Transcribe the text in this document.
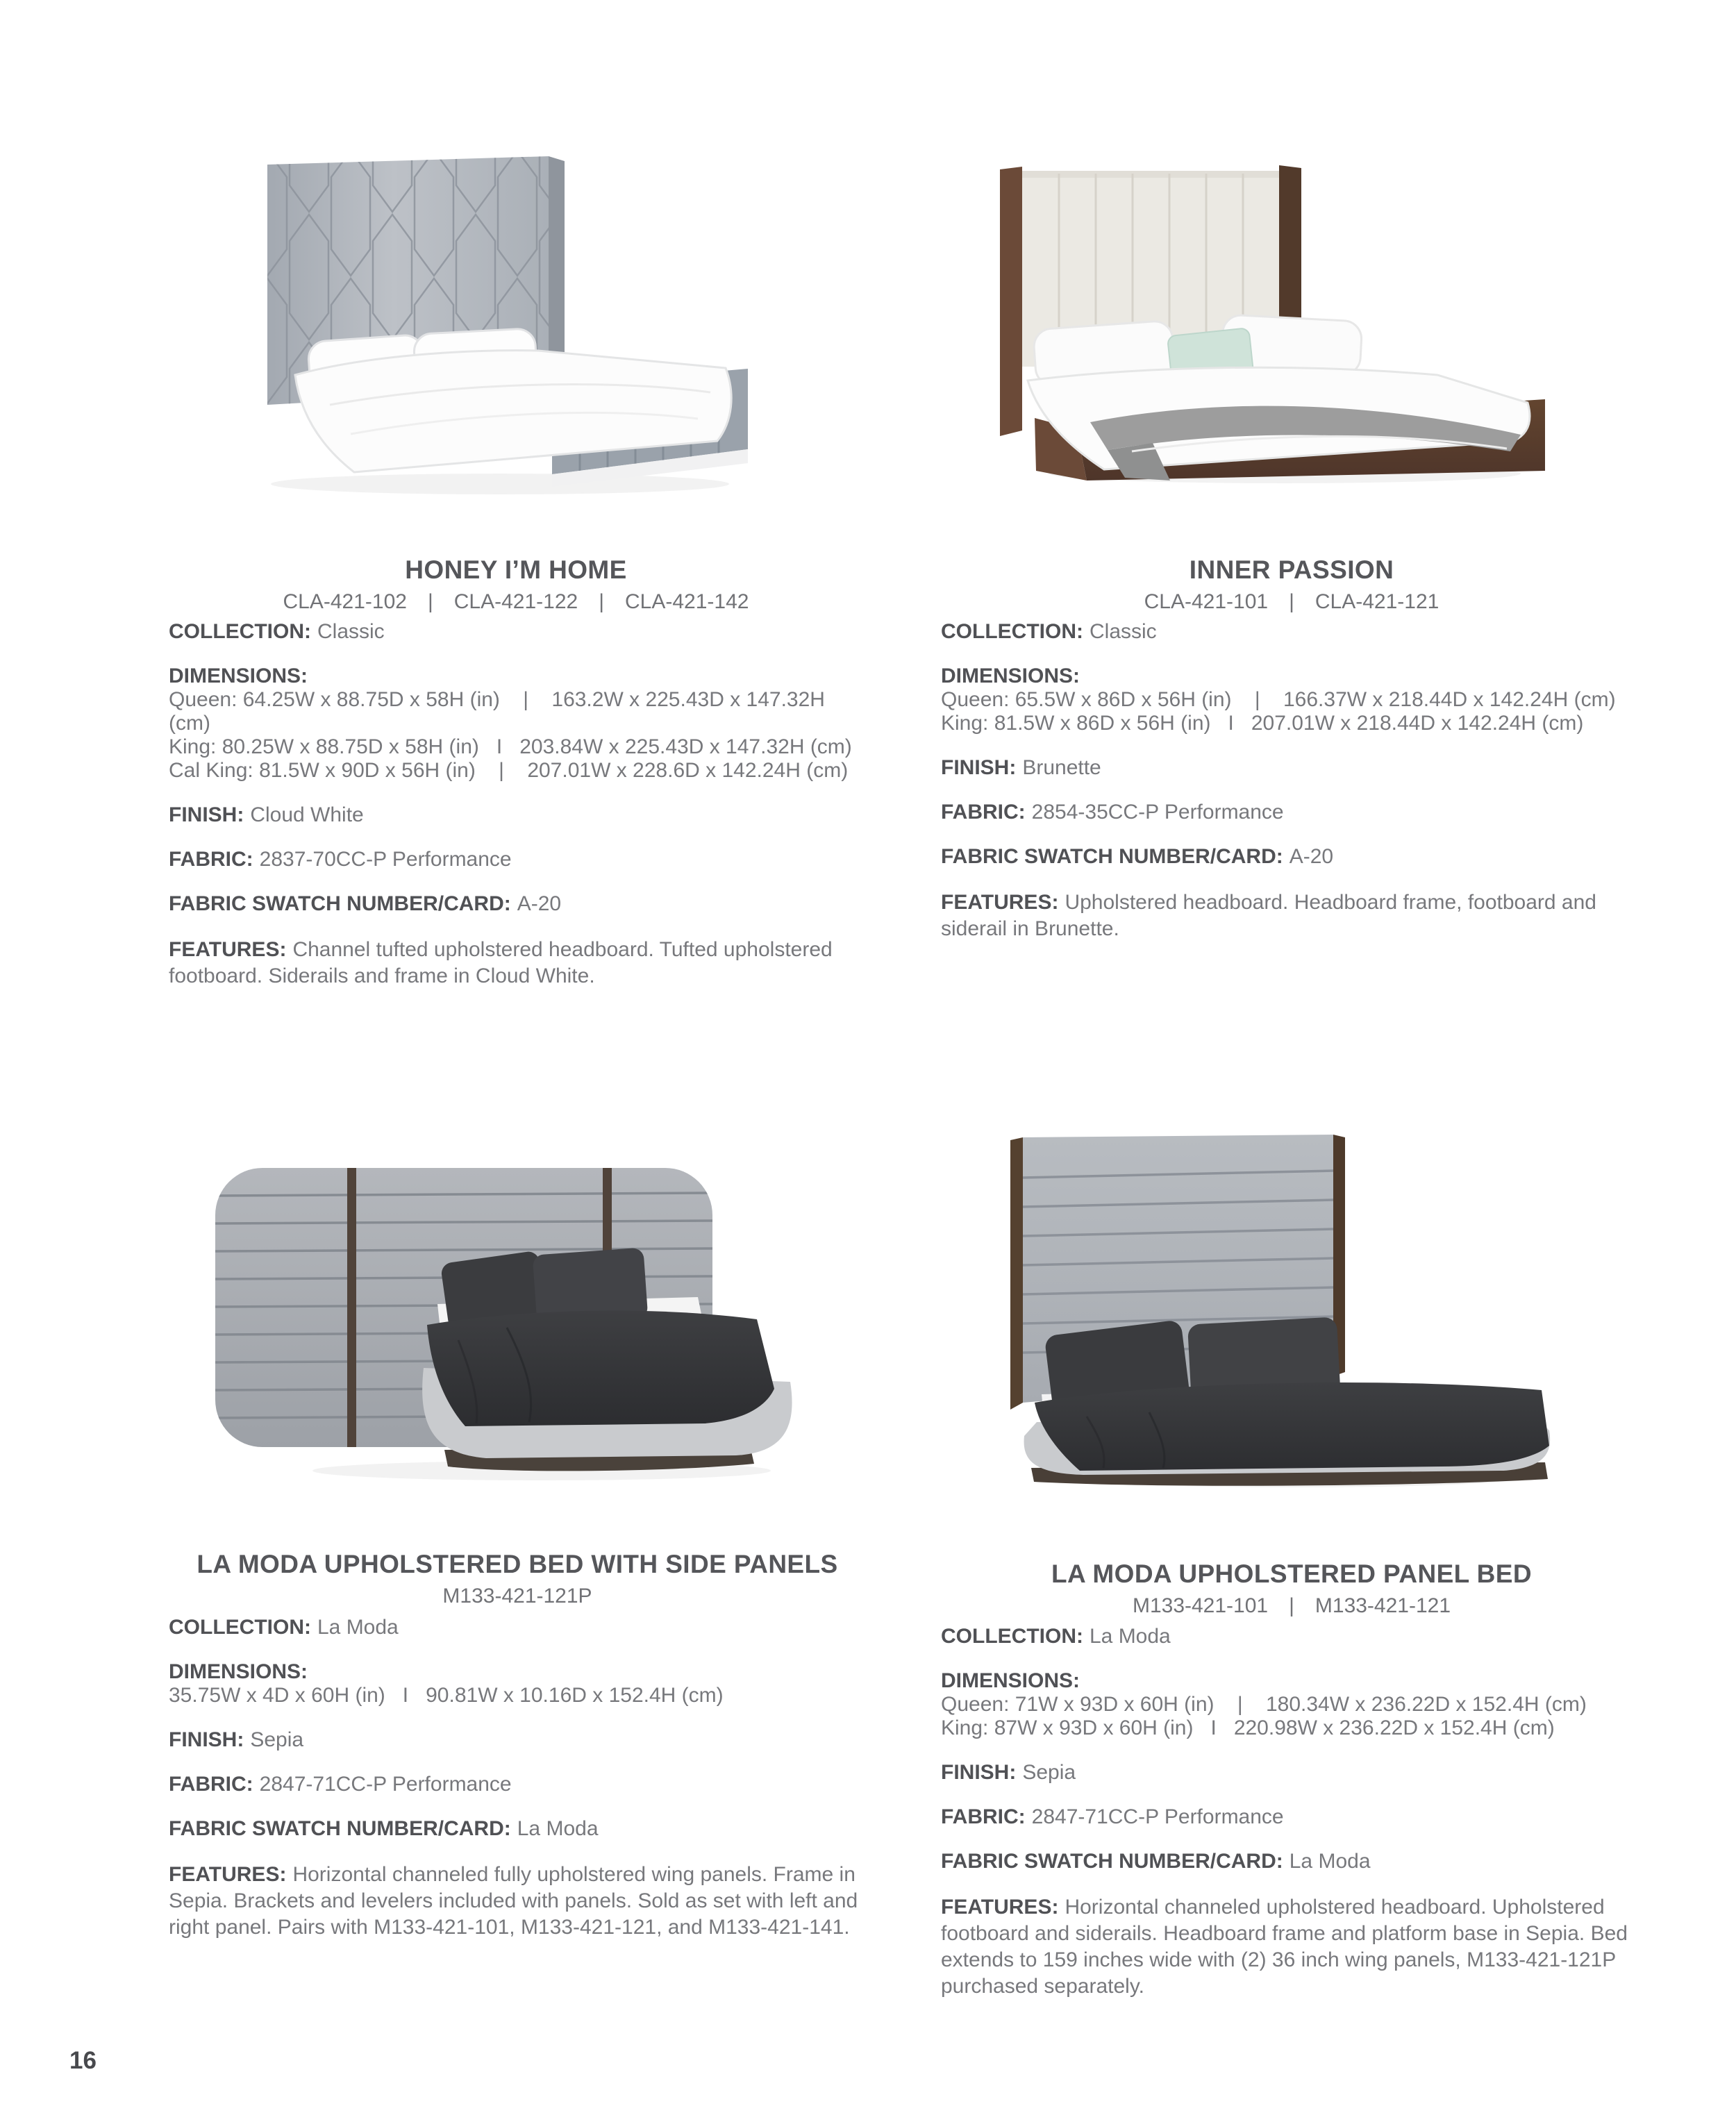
HONEY I’M HOME
CLA-421-102 | CLA-421-122 | CLA-421-142

COLLECTION: Classic

DIMENSIONS:

Queen: 64.25W x 88.75D x 58H (in)    |    163.2W x 225.43D x 147.32H (cm)

King: 80.25W x 88.75D x 58H (in)   I   203.84W x 225.43D x 147.32H (cm)

Cal King: 81.5W x 90D x 56H (in)    |    207.01W x 228.6D x 142.24H (cm)

FINISH: Cloud White

FABRIC: 2837-70CC-P Performance

FABRIC SWATCH NUMBER/CARD: A-20

FEATURES: Channel tufted upholstered headboard. Tufted upholstered footboard. Siderails and frame in Cloud White.

INNER PASSION
CLA-421-101 | CLA-421-121

COLLECTION: Classic

DIMENSIONS:

Queen: 65.5W x 86D x 56H (in)    |    166.37W x 218.44D x 142.24H (cm)

King: 81.5W x 86D x 56H (in)   I   207.01W x 218.44D x 142.24H (cm)

FINISH: Brunette

FABRIC: 2854-35CC-P Performance

FABRIC SWATCH NUMBER/CARD: A-20

FEATURES: Upholstered headboard. Headboard frame, footboard and siderail in Brunette.

LA MODA UPHOLSTERED BED WITH SIDE PANELS
M133-421-121P

COLLECTION: La Moda

DIMENSIONS:

35.75W x 4D x 60H (in)   I   90.81W x 10.16D x 152.4H (cm)

FINISH: Sepia

FABRIC: 2847-71CC-P Performance

FABRIC SWATCH NUMBER/CARD: La Moda

FEATURES: Horizontal channeled fully upholstered wing panels. Frame in Sepia. Brackets and levelers included with panels. Sold as set with left and right panel. Pairs with M133-421-101, M133-421-121, and M133-421-141.

LA MODA UPHOLSTERED PANEL BED
M133-421-101 | M133-421-121

COLLECTION: La Moda

DIMENSIONS:

Queen: 71W x 93D x 60H (in)    |    180.34W x 236.22D x 152.4H (cm)

King: 87W x 93D x 60H (in)   I   220.98W x 236.22D x 152.4H (cm)

FINISH: Sepia

FABRIC: 2847-71CC-P Performance

FABRIC SWATCH NUMBER/CARD: La Moda

FEATURES: Horizontal channeled upholstered headboard. Upholstered footboard and siderails. Headboard frame and platform base in Sepia. Bed extends to 159 inches wide with (2) 36 inch wing panels, M133-421-121P purchased separately.

16
